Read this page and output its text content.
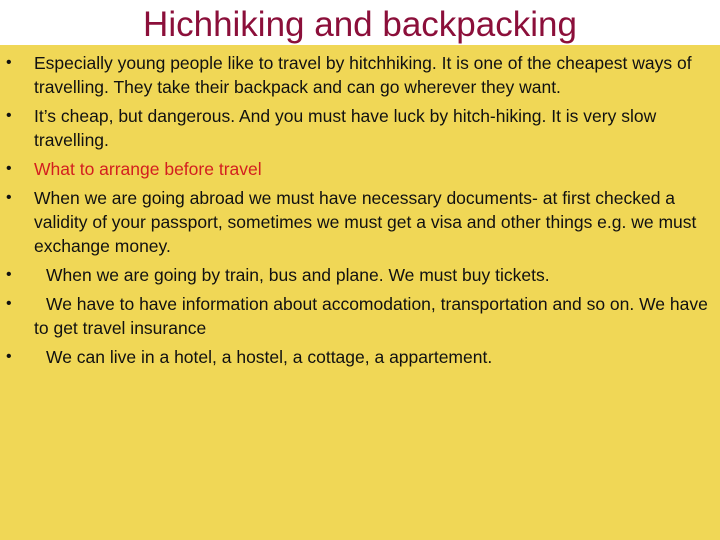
Hichhiking and backpacking
• Especially young people like to travel by hitchhiking. It is one of the cheapest ways of travelling. They take their backpack and can go wherever they want.
• It’s cheap, but dangerous. And you must have luck by hitch-hiking. It is very slow travelling.
• What to arrange before travel
• When we are going abroad we must have necessary documents- at first checked a validity of your passport, sometimes we must get a visa and other things e.g. we must exchange money.
•	When we are going by train, bus and plane. We must buy tickets.
•	We have to have information about accomodation, transportation and so on. We have to get travel insurance
•	We can live in a hotel, a hostel, a cottage, a appartement.
